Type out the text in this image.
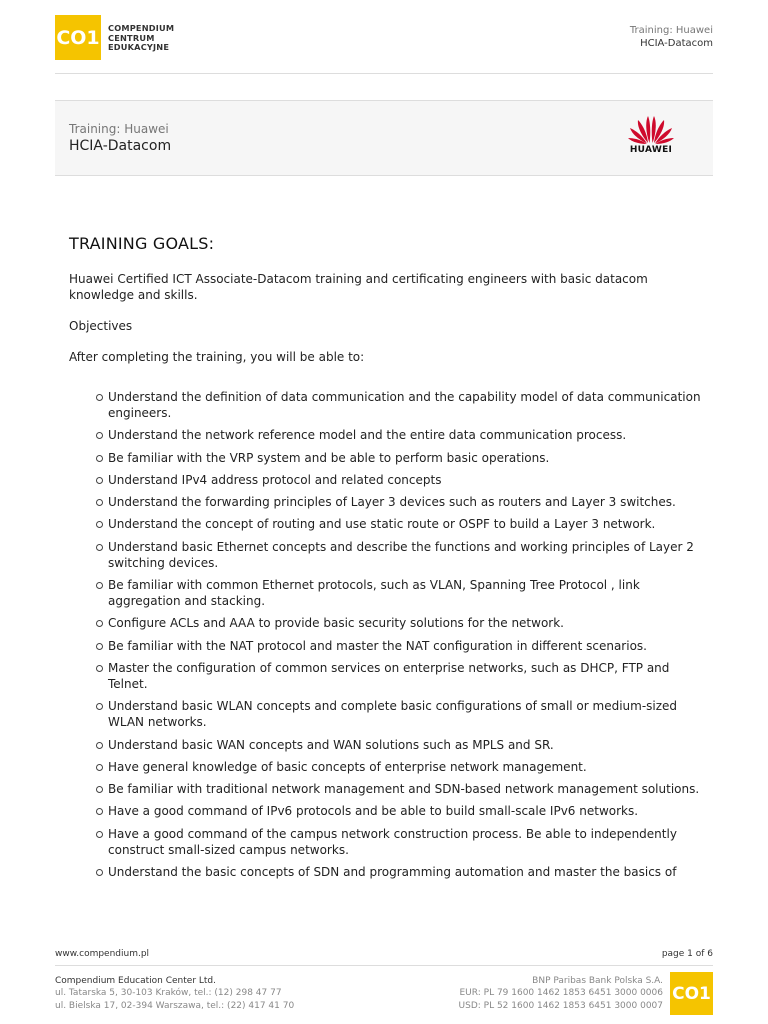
CO1 COMPENDIUM
CENTRUM
EDUKACYJNE
Training: Huawei
HCIA-Datacom
Training: Huawei
HCIA-Datacom	HUAWEI
TRAINING GOALS:
Huawei Certified ICT Associate-Datacom training and certificating engineers with basic datacom knowledge and skills.
Objectives
After completing the training, you will be able to:
Understand the definition of data communication and the capability model of data communication engineers.
Understand the network reference model and the entire data communication process.
Be familiar with the VRP system and be able to perform basic operations.
Understand IPv4 address protocol and related concepts
Understand the forwarding principles of Layer 3 devices such as routers and Layer 3 switches.
Understand the concept of routing and use static route or OSPF to build a Layer 3 network.
Understand basic Ethernet concepts and describe the functions and working principles of Layer 2 switching devices.
Be familiar with common Ethernet protocols, such as VLAN, Spanning Tree Protocol , link aggregation and stacking.
Configure ACLs and AAA to provide basic security solutions for the network.
Be familiar with the NAT protocol and master the NAT configuration in different scenarios.
Master the configuration of common services on enterprise networks, such as DHCP, FTP and Telnet.
Understand basic WLAN concepts and complete basic configurations of small or medium-sized WLAN networks.
Understand basic WAN concepts and WAN solutions such as MPLS and SR.
Have general knowledge of basic concepts of enterprise network management.
Be familiar with traditional network management and SDN-based network management solutions.
Have a good command of IPv6 protocols and be able to build small-scale IPv6 networks.
Have a good command of the campus network construction process. Be able to independently construct small-sized campus networks.
Understand the basic concepts of SDN and programming automation and master the basics of
www.compendium.pl	page 1 of 6
Compendium Education Center Ltd.
ul. Tatarska 5, 30-103 Kraków, tel.: (12) 298 47 77
ul. Bielska 17, 02-394 Warszawa, tel.: (22) 417 41 70
BNP Paribas Bank Polska S.A.
EUR: PL 79 1600 1462 1853 6451 3000 0006
USD: PL 52 1600 1462 1853 6451 3000 0007
CO1
